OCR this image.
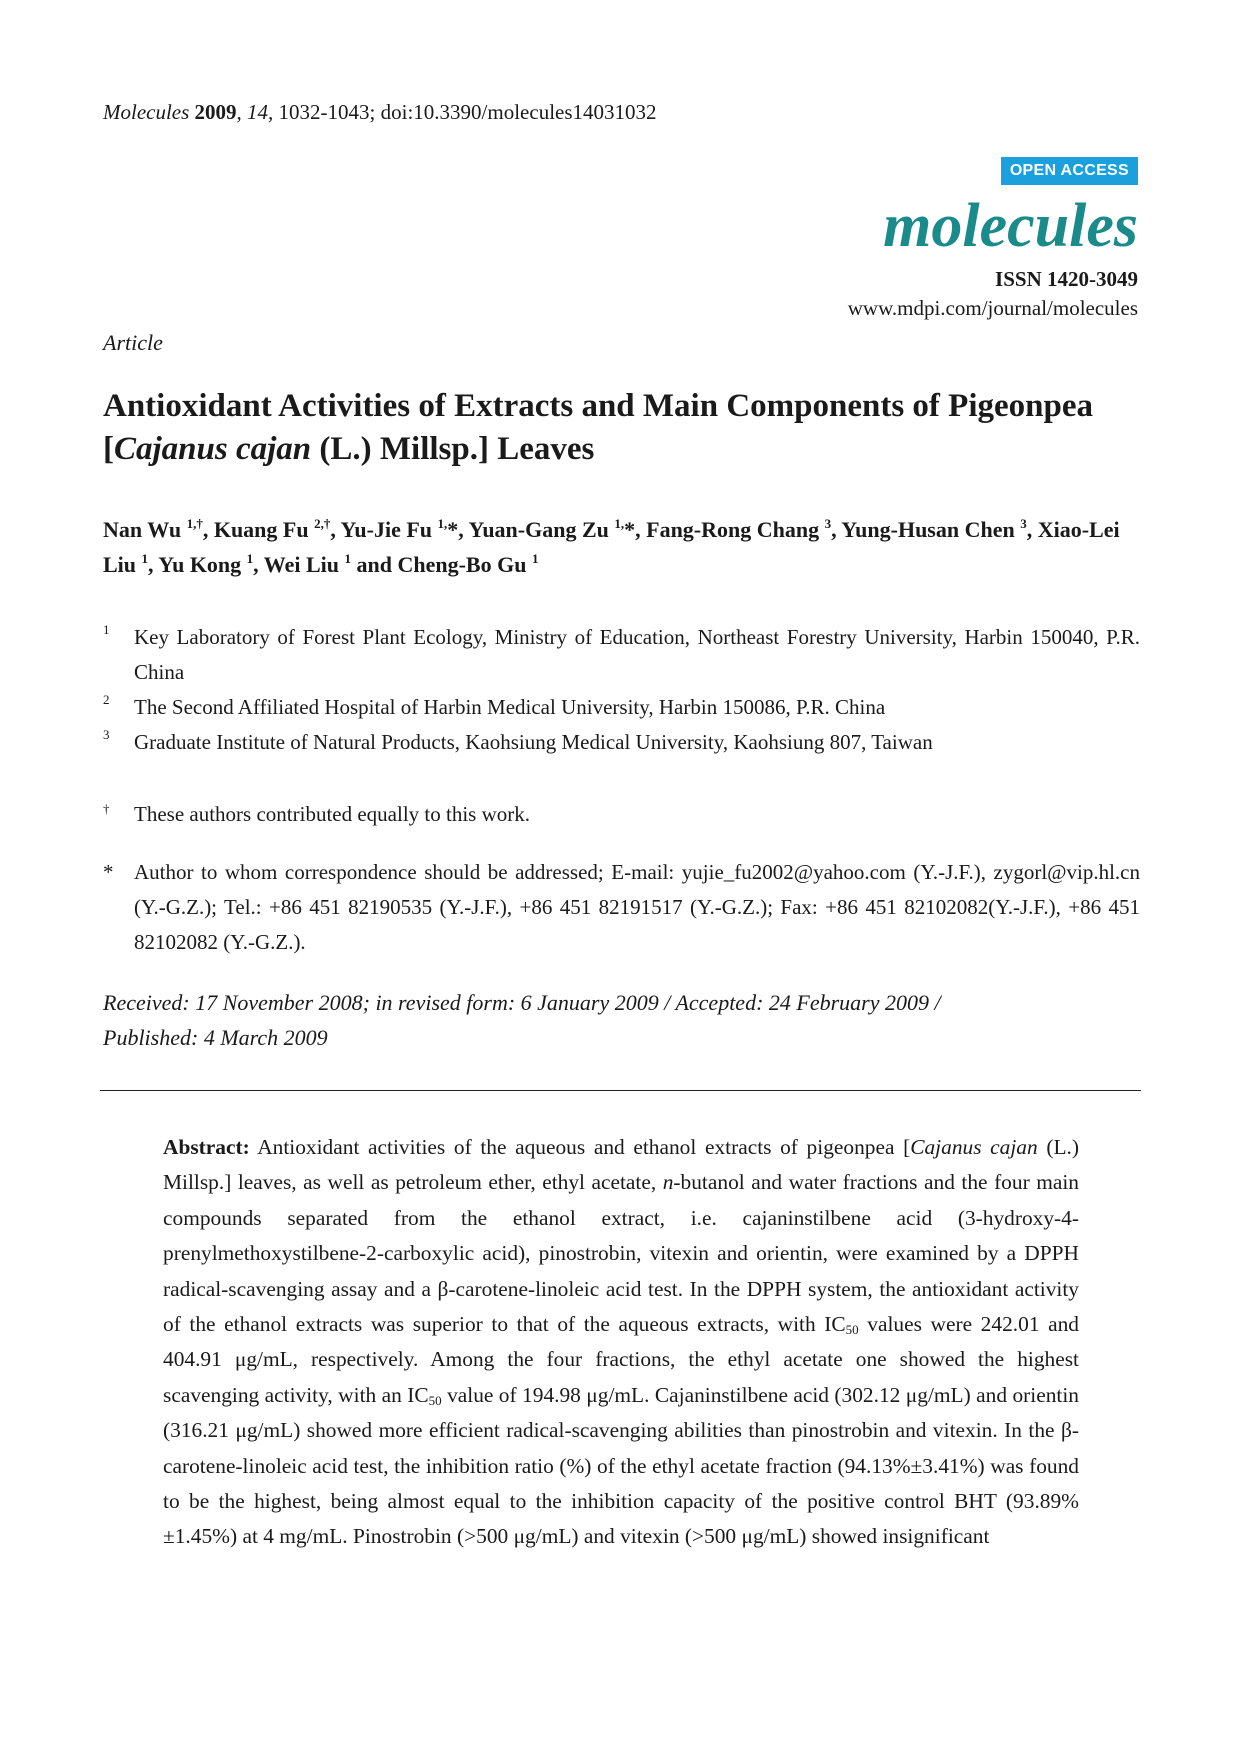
Molecules 2009, 14, 1032-1043; doi:10.3390/molecules14031032
OPEN ACCESS
molecules
ISSN 1420-3049
www.mdpi.com/journal/molecules
Article
Antioxidant Activities of Extracts and Main Components of Pigeonpea [Cajanus cajan (L.) Millsp.] Leaves
Nan Wu $^{1,\dagger}$, Kuang Fu $^{2,\dagger}$, Yu-Jie Fu $^{1,}$*, Yuan-Gang Zu $^{1,}$*, Fang-Rong Chang $^3$, Yung-Husan Chen $^3$, Xiao-Lei Liu $^1$, Yu Kong $^1$, Wei Liu $^1$ and Cheng-Bo Gu $^1$
1 Key Laboratory of Forest Plant Ecology, Ministry of Education, Northeast Forestry University, Harbin 150040, P.R. China
2 The Second Affiliated Hospital of Harbin Medical University, Harbin 150086, P.R. China
3 Graduate Institute of Natural Products, Kaohsiung Medical University, Kaohsiung 807, Taiwan
† These authors contributed equally to this work.
* Author to whom correspondence should be addressed; E-mail: yujie_fu2002@yahoo.com (Y.-J.F.), zygorl@vip.hl.cn (Y.-G.Z.); Tel.: +86 451 82190535 (Y.-J.F.), +86 451 82191517 (Y.-G.Z.); Fax: +86 451 82102082(Y.-J.F.), +86 451 82102082 (Y.-G.Z.).
Received: 17 November 2008; in revised form: 6 January 2009 / Accepted: 24 February 2009 /
Published: 4 March 2009
Abstract: Antioxidant activities of the aqueous and ethanol extracts of pigeonpea [Cajanus cajan (L.) Millsp.] leaves, as well as petroleum ether, ethyl acetate, n-butanol and water fractions and the four main compounds separated from the ethanol extract, i.e. cajaninstilbene acid (3-hydroxy-4-prenylmethoxystilbene-2-carboxylic acid), pinostrobin, vitexin and orientin, were examined by a DPPH radical-scavenging assay and a β-carotene-linoleic acid test. In the DPPH system, the antioxidant activity of the ethanol extracts was superior to that of the aqueous extracts, with $IC_{50}$ values were 242.01 and 404.91 μg/mL, respectively. Among the four fractions, the ethyl acetate one showed the highest scavenging activity, with an $IC_{50}$ value of 194.98 μg/mL. Cajaninstilbene acid (302.12 μg/mL) and orientin (316.21 μg/mL) showed more efficient radical-scavenging abilities than pinostrobin and vitexin. In the β-carotene-linoleic acid test, the inhibition ratio (%) of the ethyl acetate fraction (94.13%±3.41%) was found to be the highest, being almost equal to the inhibition capacity of the positive control BHT (93.89%±1.45%) at 4 mg/mL. Pinostrobin (>500 μg/mL) and vitexin (>500 μg/mL) showed insignificant
